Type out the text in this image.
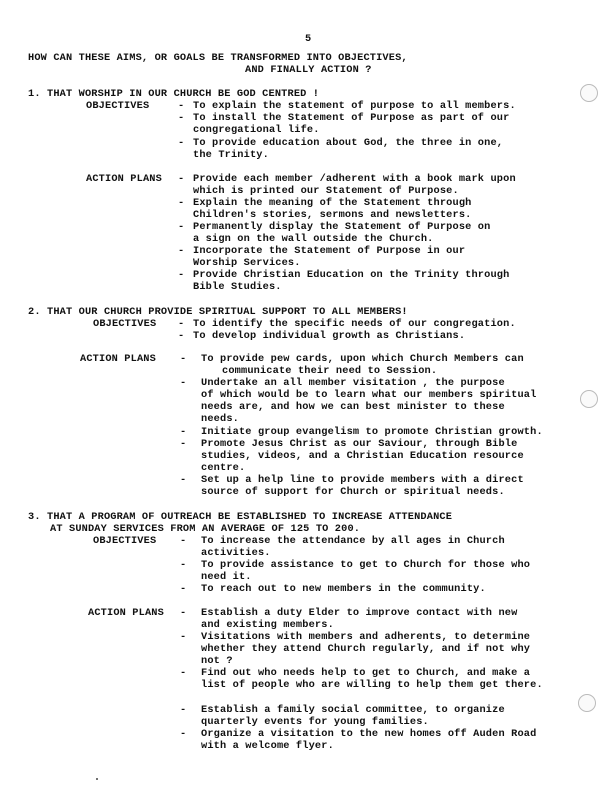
5
HOW CAN THESE AIMS, OR GOALS BE TRANSFORMED INTO OBJECTIVES,
AND FINALLY ACTION ?
1. THAT WORSHIP IN OUR CHURCH BE GOD CENTRED !
OBJECTIVES	- To explain the statement of purpose to all members.
- To install the Statement of Purpose as part of our
congregational life.
- To provide education about God, the three in one,
the Trinity.
ACTION PLANS - Provide each member /adherent with a book mark upon
which is printed our Statement of Purpose.
- Explain the meaning of the Statement through
Children's stories, sermons and newsletters.
- Permanently display the Statement of Purpose on
a sign on the wall outside the Church.
- Incorporate the Statement of Purpose in our
Worship Services.
- Provide Christian Education on the Trinity through
Bible Studies.
2. THAT OUR CHURCH PROVIDE SPIRITUAL SUPPORT TO ALL MEMBERS!
OBJECTIVES - To identify the specific needs of our congregation.
- To develop individual growth as Christians.
ACTION PLANS - To provide pew cards, upon which Church Members can
communicate their need to Session.
- Undertake an all member visitation , the purpose
of which would be to learn what our members spiritual
needs are, and how we can best minister to these
needs.
- Initiate group evangelism to promote Christian growth.
- Promote Jesus Christ as our Saviour, through Bible
studies, videos, and a Christian Education resource
centre.
- Set up a help line to provide members with a direct
source of support for Church or spiritual needs.
3. THAT A PROGRAM OF OUTREACH BE ESTABLISHED TO INCREASE ATTENDANCE
AT SUNDAY SERVICES FROM AN AVERAGE OF 125 TO 200.
OBJECTIVES - To increase the attendance by all ages in Church
activities.
- To provide assistance to get to Church for those who
need it.
- To reach out to new members in the community.
ACTION PLANS - Establish a duty Elder to improve contact with new
and existing members.
- Visitations with members and adherents, to determine
whether they attend Church regularly, and if not why
not ?
- Find out who needs help to get to Church, and make a
list of people who are willing to help them get there.
- Establish a family social committee, to organize
quarterly events for young families.
- Organize a visitation to the new homes off Auden Road
with a welcome flyer.
